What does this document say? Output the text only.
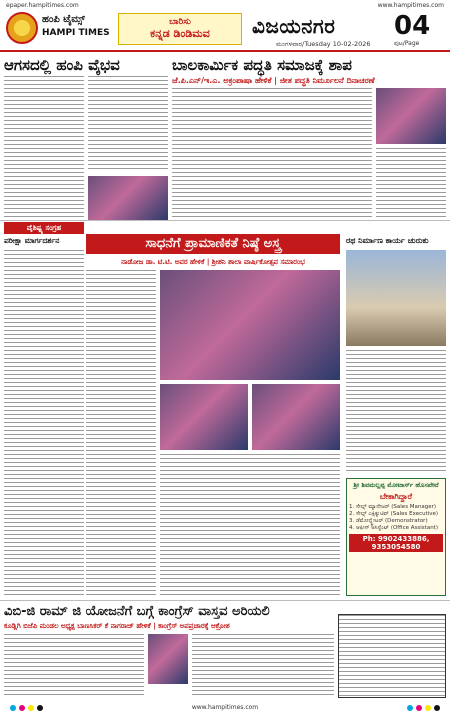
epaper.hampitimes.com	www.hampitimes.com
ಹಂಪಿ ಟೈಮ್ಸ್
HAMPI TIMES
ಬಾರಿಸು
ಕನ್ನಡ ಡಿಂಡಿಮವ	ವಿಜಯನಗರ
ಮಂಗಳವಾರ/Tuesday 10-02-2026
04
ಪುಟ/Page
ಆಗಸದಲ್ಲಿ ಹಂಪಿ ವೈಭವ	ಬಾಲಕಾರ್ಮಿಕ ಪದ್ಧತಿ ಸಮಾಜಕ್ಕೆ ಶಾಪ
ಜೆ.ಪಿ.ಎನ್/ಇ.ಎ. ಅಕ್ರಂಪಾಷಾ ಹೇಳಿಕೆ | ಜೀತ ಪದ್ಧತಿ ನಿರ್ಮೂಲನೆ ದಿನಾಚರಣೆ
ವೈಶಿಷ್ಟ್ಯ ಸಂಗ್ರಹ
ಪರೀಕ್ಷಾ ಮಾರ್ಗದರ್ಶನ	ಸಾಧನೆಗೆ ಪ್ರಾಮಾಣಿಕತೆ ನಿಷ್ಠೆ ಅಸ್ತ್ರ
ನಾಡೋಜ ಡಾ. ಟಿ.ಟಿ. ಅವರ ಹೇಳಿಕೆ | ಶ್ರೀಶನಿ ಶಾಲಾ ವಾರ್ಷಿಕೋತ್ಸವ ಸಮಾರಂಭ
ರಥ ನಿರ್ಮಾಣ ಕಾರ್ಯ ಚುರುಕು
ಶ್ರೀ ಶಿವಮಲ್ಲಪ್ಪ ಮೋಟಾರ್ಸ್ ಹೊಸಪೇಟೆ
ಬೇಕಾಗಿದ್ದಾರೆ
1. ಸೇಲ್ಸ್ ಮ್ಯಾನೇಜರ್ (Sales Manager)
2. ಸೇಲ್ಸ್ ಎಕ್ಸಿಕ್ಯುಟಿವ್ (Sales Executive)
3. ಡೆಮೋನ್ಸ್ಟ್ರೇಟರ್ (Demonstrator)
4. ಆಫೀಸ್ ಅಸಿಸ್ಟೆಂಟ್ (Office Assistant)
Ph: 9902433886, 9353054580
ವಿಬಿ-ಜಿ ರಾಮ್ ಜಿ ಯೋಜನೆಗೆ ಬಗ್ಗೆ ಕಾಂಗ್ರೆಸ್ ವಾಸ್ತವ ಅರಿಯಲಿ
ಕೂಡ್ಲಿಗಿ ಬಿಜೆಪಿ ಮಂಡಲ ಅಧ್ಯಕ್ಷ ಬಾಣಸಿಕರ್ ಕೆ ನಾಗರಾಜ್ ಹೇಳಿಕೆ | ಕಾಂಗ್ರೆಸ್ ಅಪಪ್ರಚಾರಕ್ಕೆ ಆಕ್ರೋಶ
www.hampitimes.com
